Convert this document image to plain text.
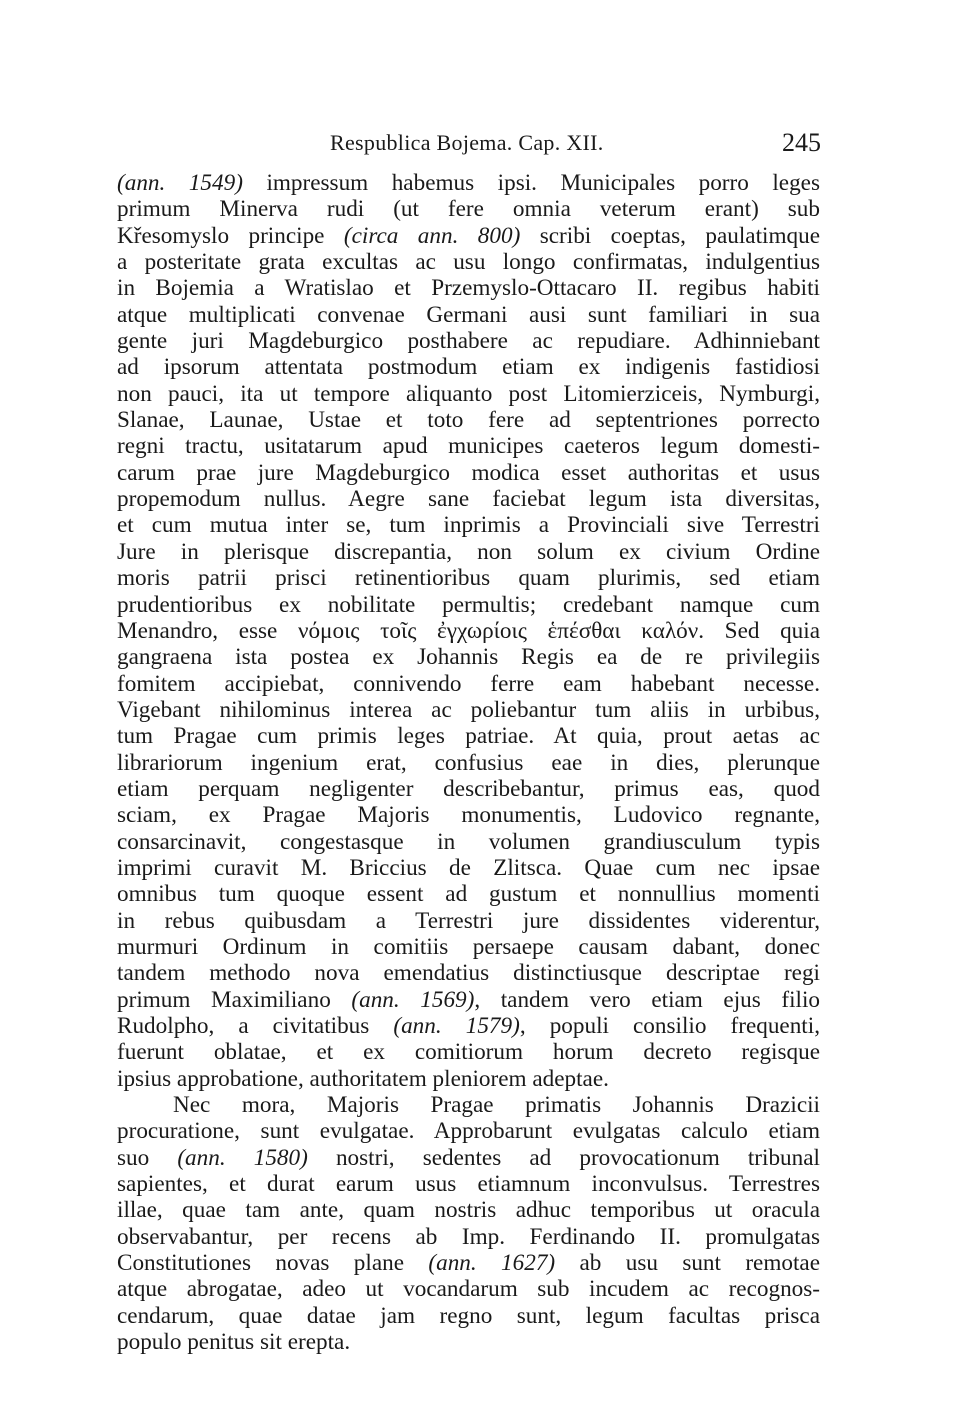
Respublica Bojema. Cap. XII.	245
(ann. 1549) impressum habemus ipsi. Municipales porro leges
primum Minerva rudi (ut fere omnia veterum erant) sub
Křesomyslo principe (circa ann. 800) scribi coeptas, paulatimque
a posteritate grata excultas ac usu longo confirmatas, indulgentius
in Bojemia a Wratislao et Przemyslo-Ottacaro II. regibus habiti
atque multiplicati convenae Germani ausi sunt familiari in sua
gente juri Magdeburgico posthabere ac repudiare. Adhinniebant
ad ipsorum attentata postmodum etiam ex indigenis fastidiosi
non pauci, ita ut tempore aliquanto post Litomierziceis, Nymburgi,
Slanae, Launae, Ustae et toto fere ad septentriones porrecto
regni tractu, usitatarum apud municipes caeteros legum domesti-
carum prae jure Magdeburgico modica esset authoritas et usus
propemodum nullus. Aegre sane faciebat legum ista diversitas,
et cum mutua inter se, tum inprimis a Provinciali sive Terrestri
Jure in plerisque discrepantia, non solum ex civium Ordine
moris patrii prisci retinentioribus quam plurimis, sed etiam
prudentioribus ex nobilitate permultis; credebant namque cum
Menandro, esse νόμοις τοῖς ἐγχωρίοις ἑπέσθαι καλόν. Sed quia
gangraena ista postea ex Johannis Regis ea de re privilegiis
fomitem accipiebat, connivendo ferre eam habebant necesse.
Vigebant nihilominus interea ac poliebantur tum aliis in urbibus,
tum Pragae cum primis leges patriae. At quia, prout aetas ac
librariorum ingenium erat, confusius eae in dies, plerunque
etiam perquam negligenter describebantur, primus eas, quod
sciam, ex Pragae Majoris monumentis, Ludovico regnante,
consarcinavit, congestasque in volumen grandiusculum typis
imprimi curavit M. Briccius de Zlitsca. Quae cum nec ipsae
omnibus tum quoque essent ad gustum et nonnullius momenti
in rebus quibusdam a Terrestri jure dissidentes viderentur,
murmuri Ordinum in comitiis persaepe causam dabant, donec
tandem methodo nova emendatius distinctiusque descriptae regi
primum Maximiliano (ann. 1569), tandem vero etiam ejus filio
Rudolpho, a civitatibus (ann. 1579), populi consilio frequenti,
fuerunt oblatae, et ex comitiorum horum decreto regisque
ipsius approbatione, authoritatem pleniorem adeptae.
Nec mora, Majoris Pragae primatis Johannis Drazicii
procuratione, sunt evulgatae. Approbarunt evulgatas calculo etiam
suo (ann. 1580) nostri, sedentes ad provocationum tribunal
sapientes, et durat earum usus etiamnum inconvulsus. Terrestres
illae, quae tam ante, quam nostris adhuc temporibus ut oracula
observabantur, per recens ab Imp. Ferdinando II. promulgatas
Constitutiones novas plane (ann. 1627) ab usu sunt remotae
atque abrogatae, adeo ut vocandarum sub incudem ac recognos-
cendarum, quae datae jam regno sunt, legum facultas prisca
populo penitus sit erepta.
